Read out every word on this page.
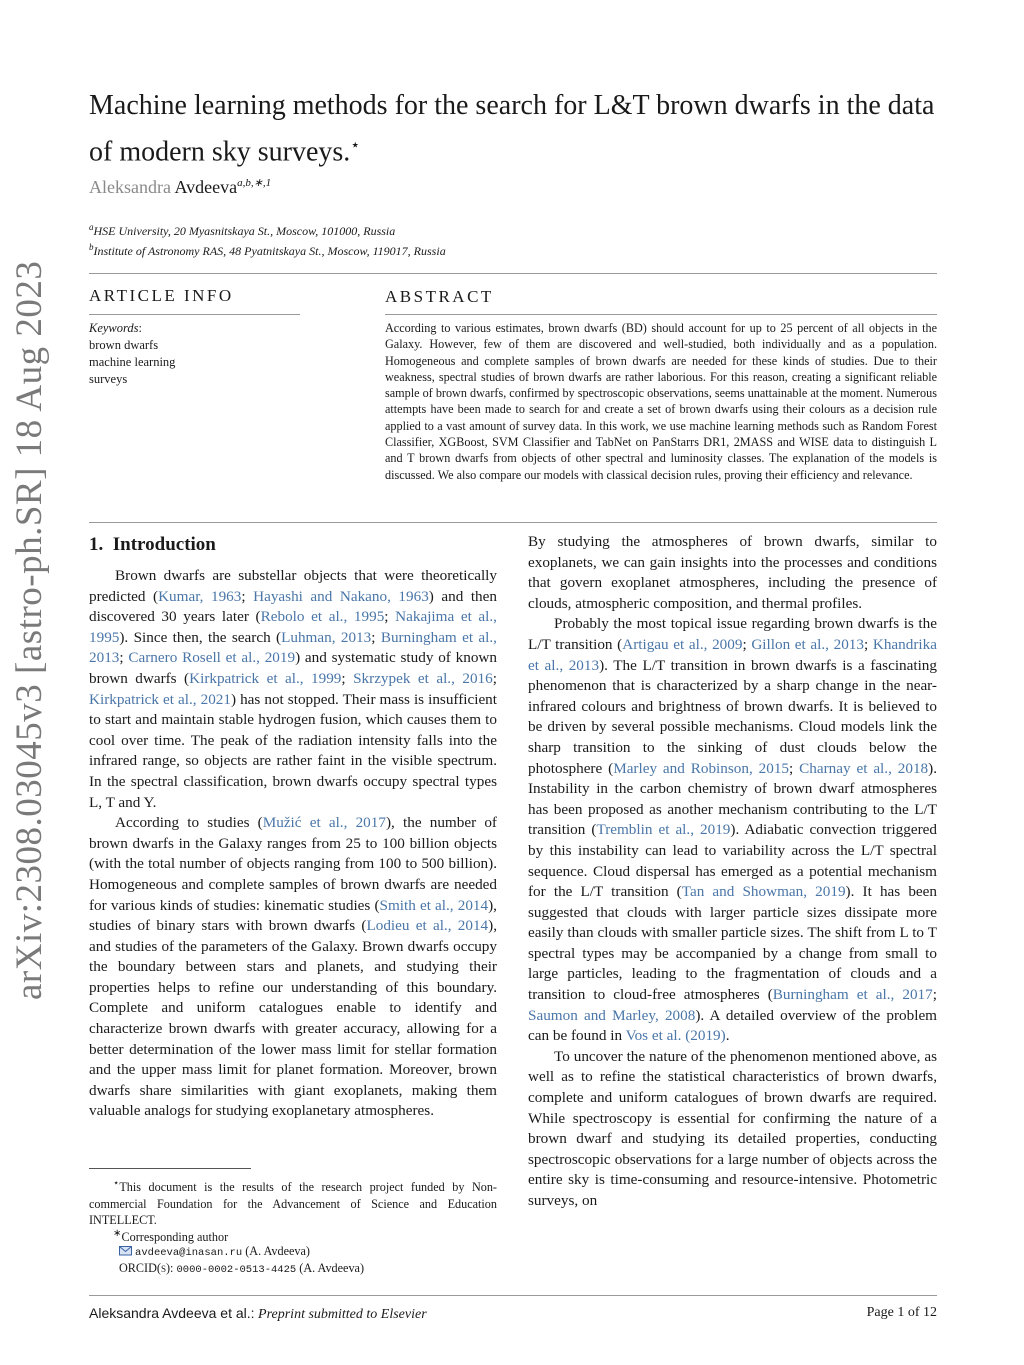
arXiv:2308.03045v3 [astro-ph.SR] 18 Aug 2023
Machine learning methods for the search for L&T brown dwarfs in the data of modern sky surveys.⋆
Aleksandra Avdeeva$^{a,b,∗,1}$
$^a$HSE University, 20 Myasnitskaya St., Moscow, 101000, Russia
$^b$Institute of Astronomy RAS, 48 Pyatnitskaya St., Moscow, 119017, Russia
ARTICLE INFO
Keywords:
brown dwarfs
machine learning
surveys
ABSTRACT
According to various estimates, brown dwarfs (BD) should account for up to 25 percent of all objects in the Galaxy. However, few of them are discovered and well-studied, both individually and as a population. Homogeneous and complete samples of brown dwarfs are needed for these kinds of studies. Due to their weakness, spectral studies of brown dwarfs are rather laborious. For this reason, creating a significant reliable sample of brown dwarfs, confirmed by spectroscopic observations, seems unattainable at the moment. Numerous attempts have been made to search for and create a set of brown dwarfs using their colours as a decision rule applied to a vast amount of survey data. In this work, we use machine learning methods such as Random Forest Classifier, XGBoost, SVM Classifier and TabNet on PanStarrs DR1, 2MASS and WISE data to distinguish L and T brown dwarfs from objects of other spectral and luminosity classes. The explanation of the models is discussed. We also compare our models with classical decision rules, proving their efficiency and relevance.
1. Introduction

Brown dwarfs are substellar objects that were theoretically predicted (Kumar, 1963; Hayashi and Nakano, 1963) and then discovered 30 years later (Rebolo et al., 1995; Nakajima et al., 1995). Since then, the search (Luhman, 2013; Burningham et al., 2013; Carnero Rosell et al., 2019) and systematic study of known brown dwarfs (Kirkpatrick et al., 1999; Skrzypek et al., 2016; Kirkpatrick et al., 2021) has not stopped. Their mass is insufficient to start and maintain stable hydrogen fusion, which causes them to cool over time. The peak of the radiation intensity falls into the infrared range, so objects are rather faint in the visible spectrum. In the spectral classification, brown dwarfs occupy spectral types L, T and Y.

According to studies (Mužić et al., 2017), the number of brown dwarfs in the Galaxy ranges from 25 to 100 billion objects (with the total number of objects ranging from 100 to 500 billion). Homogeneous and complete samples of brown dwarfs are needed for various kinds of studies: kinematic studies (Smith et al., 2014), studies of binary stars with brown dwarfs (Lodieu et al., 2014), and studies of the parameters of the Galaxy. Brown dwarfs occupy the boundary between stars and planets, and studying their properties helps to refine our understanding of this boundary. Complete and uniform catalogues enable to identify and characterize brown dwarfs with greater accuracy, allowing for a better determination of the lower mass limit for stellar formation and the upper mass limit for planet formation. Moreover, brown dwarfs share similarities with giant exoplanets, making them valuable analogs for studying exoplanetary atmospheres.

⋆This document is the results of the research project funded by Non-commercial Foundation for the Advancement of Science and Education INTELLECT.
∗Corresponding author
avdeeva@inasan.ru (A. Avdeeva)
ORCID(s): 0000-0002-0513-4425 (A. Avdeeva)

By studying the atmospheres of brown dwarfs, similar to exoplanets, we can gain insights into the processes and conditions that govern exoplanet atmospheres, including the presence of clouds, atmospheric composition, and thermal profiles.

Probably the most topical issue regarding brown dwarfs is the L/T transition (Artigau et al., 2009; Gillon et al., 2013; Khandrika et al., 2013). The L/T transition in brown dwarfs is a fascinating phenomenon that is characterized by a sharp change in the near-infrared colours and brightness of brown dwarfs. It is believed to be driven by several possible mechanisms. Cloud models link the sharp transition to the sinking of dust clouds below the photosphere (Marley and Robinson, 2015; Charnay et al., 2018). Instability in the carbon chemistry of brown dwarf atmospheres has been proposed as another mechanism contributing to the L/T transition (Tremblin et al., 2019). Adiabatic convection triggered by this instability can lead to variability across the L/T spectral sequence. Cloud dispersal has emerged as a potential mechanism for the L/T transition (Tan and Showman, 2019). It has been suggested that clouds with larger particle sizes dissipate more easily than clouds with smaller particle sizes. The shift from L to T spectral types may be accompanied by a change from small to large particles, leading to the fragmentation of clouds and a transition to cloud-free atmospheres (Burningham et al., 2017; Saumon and Marley, 2008). A detailed overview of the problem can be found in Vos et al. (2019).

To uncover the nature of the phenomenon mentioned above, as well as to refine the statistical characteristics of brown dwarfs, complete and uniform catalogues of brown dwarfs are required. While spectroscopy is essential for confirming the nature of a brown dwarf and studying its detailed properties, conducting spectroscopic observations for a large number of objects across the entire sky is time-consuming and resource-intensive. Photometric surveys, on

Aleksandra Avdeeva et al.: Preprint submitted to Elsevier	Page 1 of 12
